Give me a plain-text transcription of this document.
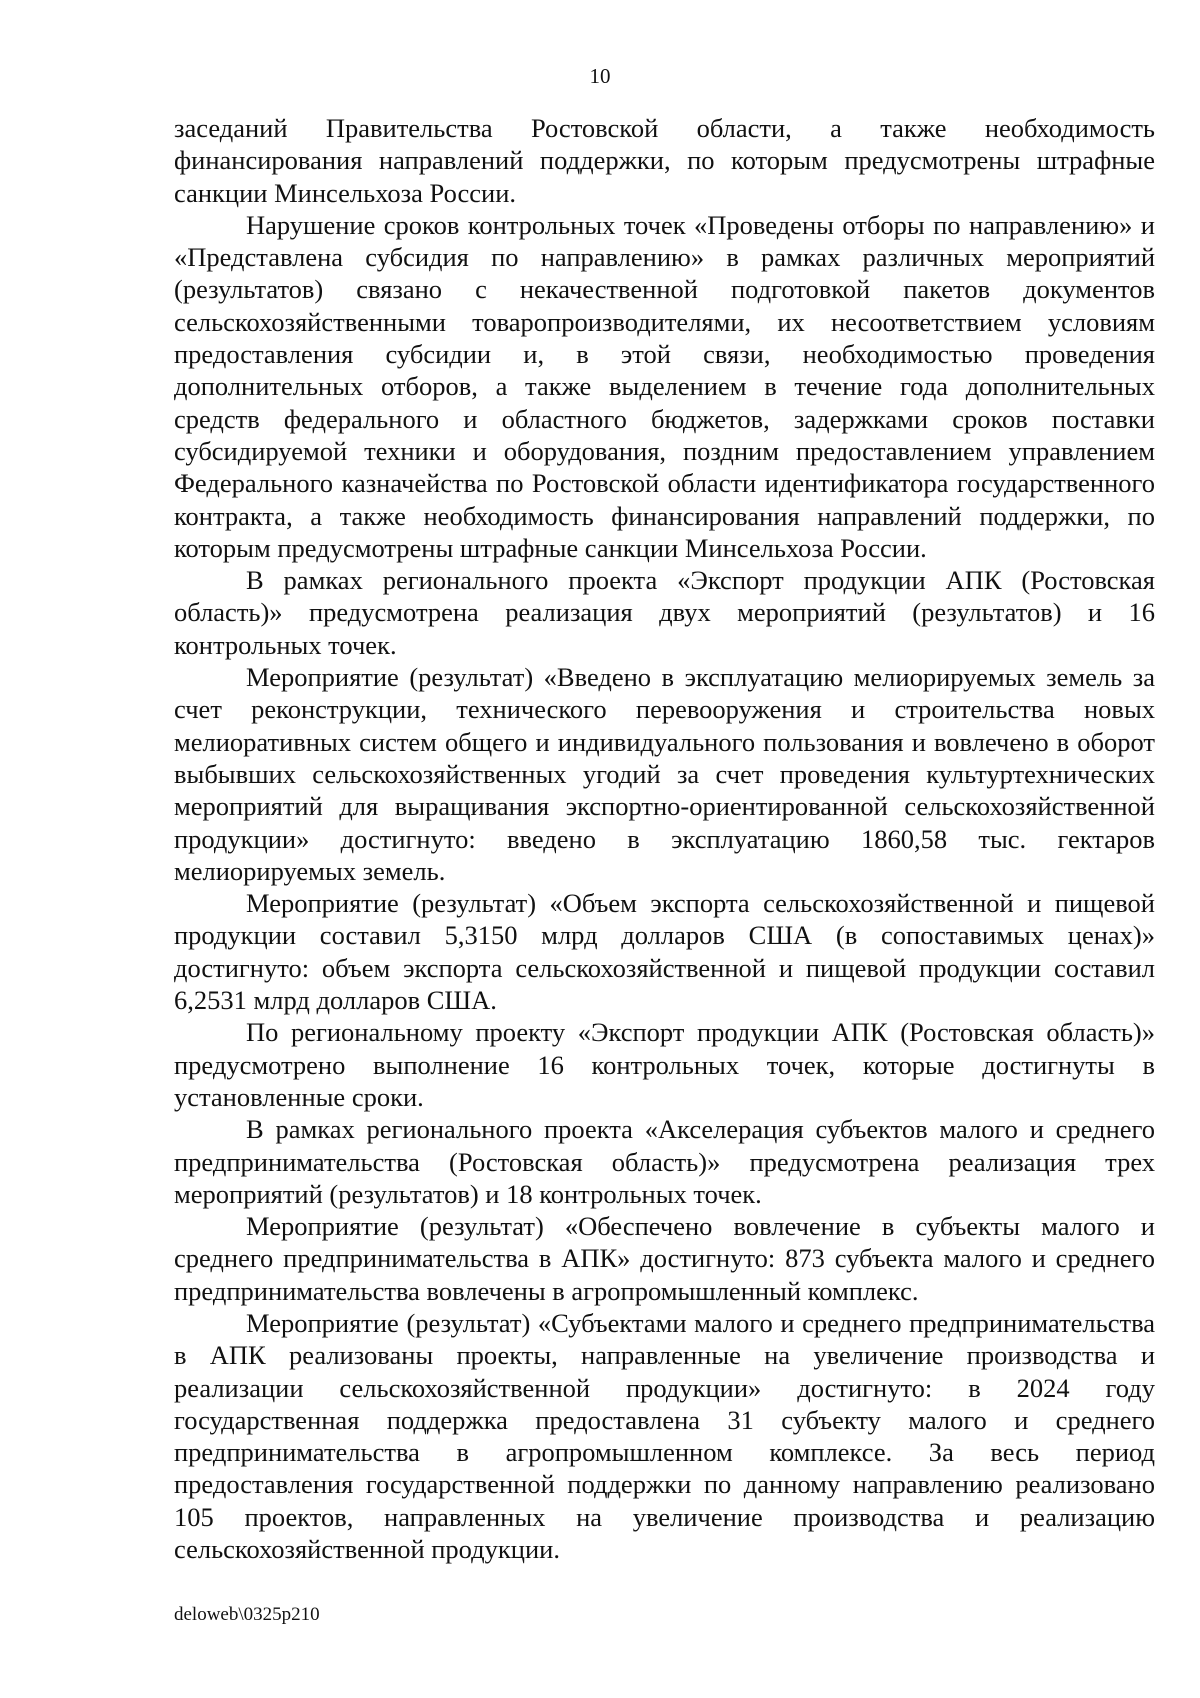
10

заседаний Правительства Ростовской области, а также необходимость финансирования направлений поддержки, по которым предусмотрены штрафные санкции Минсельхоза России.

Нарушение сроков контрольных точек «Проведены отборы по направлению» и «Представлена субсидия по направлению» в рамках различных мероприятий (результатов) связано с некачественной подготовкой пакетов документов сельскохозяйственными товаропроизводителями, их несоответствием условиям предоставления субсидии и, в этой связи, необходимостью проведения дополнительных отборов, а также выделением в течение года дополнительных средств федерального и областного бюджетов, задержками сроков поставки субсидируемой техники и оборудования, поздним предоставлением управлением Федерального казначейства по Ростовской области идентификатора государственного контракта, а также необходимость финансирования направлений поддержки, по которым предусмотрены штрафные санкции Минсельхоза России.

В рамках регионального проекта «Экспорт продукции АПК (Ростовская область)» предусмотрена реализация двух мероприятий (результатов) и 16 контрольных точек.

Мероприятие (результат) «Введено в эксплуатацию мелиорируемых земель за счет реконструкции, технического перевооружения и строительства новых мелиоративных систем общего и индивидуального пользования и вовлечено в оборот выбывших сельскохозяйственных угодий за счет проведения культуртехнических мероприятий для выращивания экспортно-ориентированной сельскохозяйственной продукции» достигнуто: введено в эксплуатацию 1860,58 тыс. гектаров мелиорируемых земель.

Мероприятие (результат) «Объем экспорта сельскохозяйственной и пищевой продукции составил 5,3150 млрд долларов США (в сопоставимых ценах)» достигнуто: объем экспорта сельскохозяйственной и пищевой продукции составил 6,2531 млрд долларов США.

По региональному проекту «Экспорт продукции АПК (Ростовская область)» предусмотрено выполнение 16 контрольных точек, которые достигнуты в установленные сроки.

В рамках регионального проекта «Акселерация субъектов малого и среднего предпринимательства (Ростовская область)» предусмотрена реализация трех мероприятий (результатов) и 18 контрольных точек.

Мероприятие (результат) «Обеспечено вовлечение в субъекты малого и среднего предпринимательства в АПК» достигнуто: 873 субъекта малого и среднего предпринимательства вовлечены в агропромышленный комплекс.

Мероприятие (результат) «Субъектами малого и среднего предпринимательства в АПК реализованы проекты, направленные на увеличение производства и реализации сельскохозяйственной продукции» достигнуто: в 2024 году государственная поддержка предоставлена 31 субъекту малого и среднего предпринимательства в агропромышленном комплексе. За весь период предоставления государственной поддержки по данному направлению реализовано 105 проектов, направленных на увеличение производства и реализацию сельскохозяйственной продукции.

deloweb\0325p210
